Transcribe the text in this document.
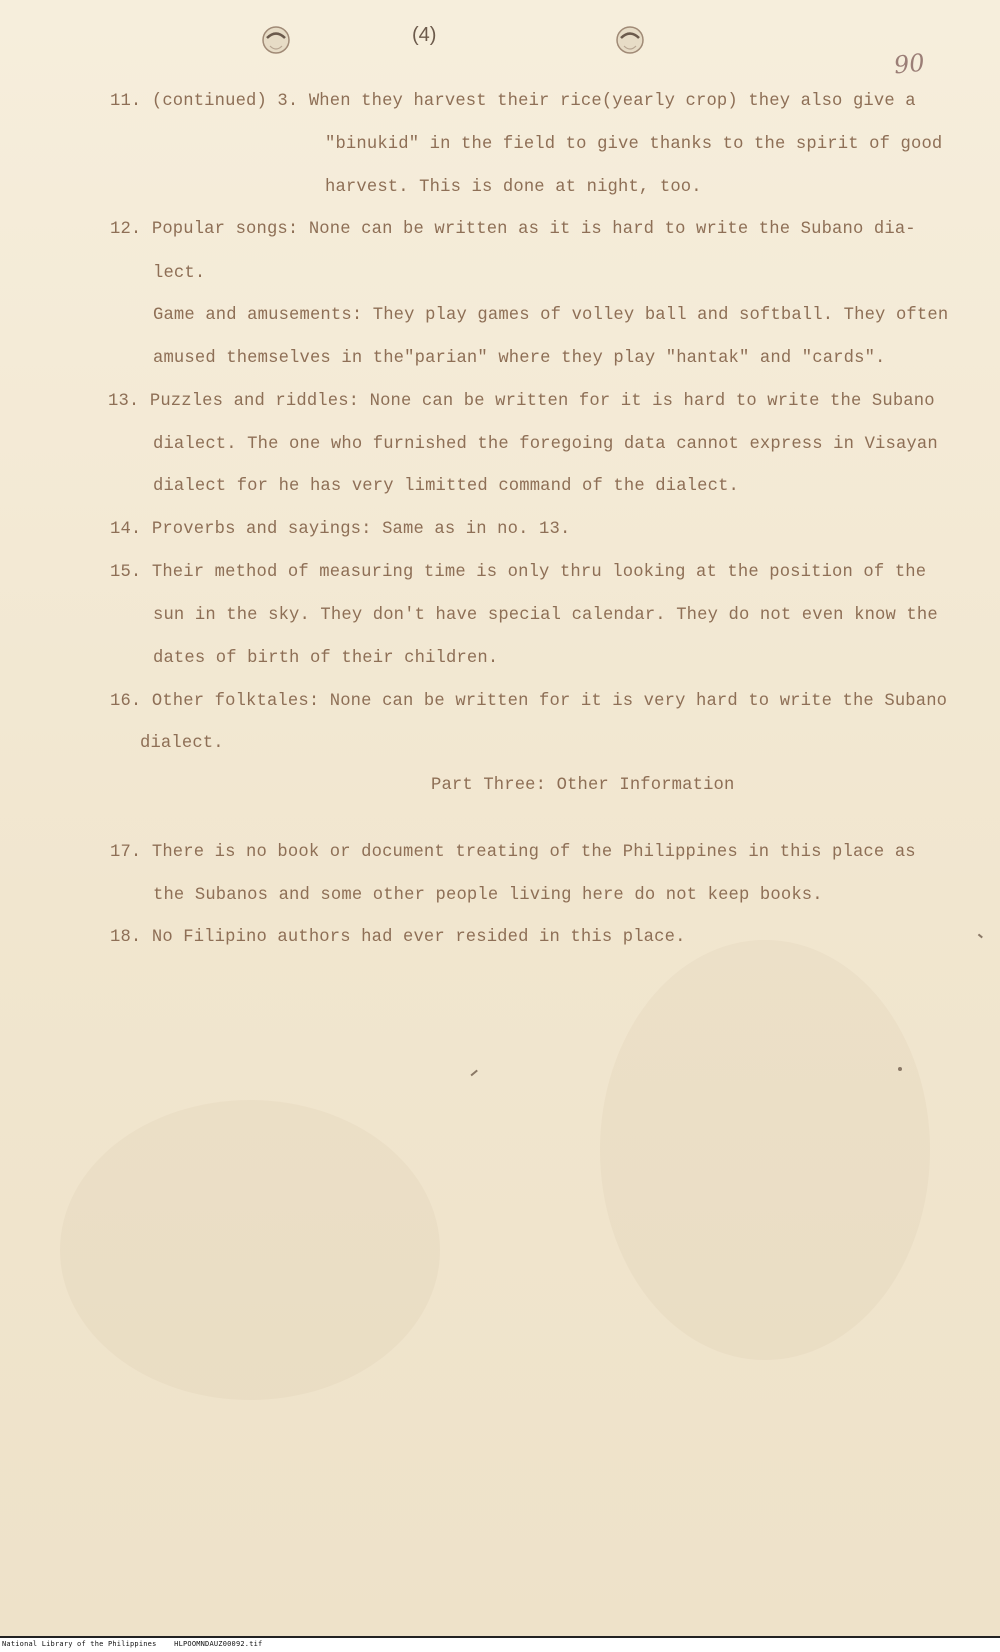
(4)
90

11. (continued) 3. When they harvest their rice(yearly crop) they also give a

"binukid" in the field to give thanks to the spirit of good

harvest. This is done at night, too.

12. Popular songs: None can be written as it is hard to write the Subano dia-

lect.

Game and amusements: They play games of volley ball and softball. They often

amused themselves in the"parian" where they play "hantak" and "cards".

13. Puzzles and riddles: None can be written for it is hard to write the Subano

dialect. The one who furnished the foregoing data cannot express in Visayan

dialect for he has very limitted command of the dialect.

14. Proverbs and sayings: Same as in no. 13.

15. Their method of measuring time is only thru looking at the position of the

sun in the sky. They don't have special calendar. They do not even know the

dates of birth of their children.

16. Other folktales: None can be written for it is very hard to write the Subano

dialect.

Part Three: Other Information

17. There is no book or document treating of the Philippines in this place as

the Subanos and some other people living here do not keep books.

18. No Filipino authors had ever resided in this place.

National Library of the Philippines    HLPOOMNDAUZ00092.tif
